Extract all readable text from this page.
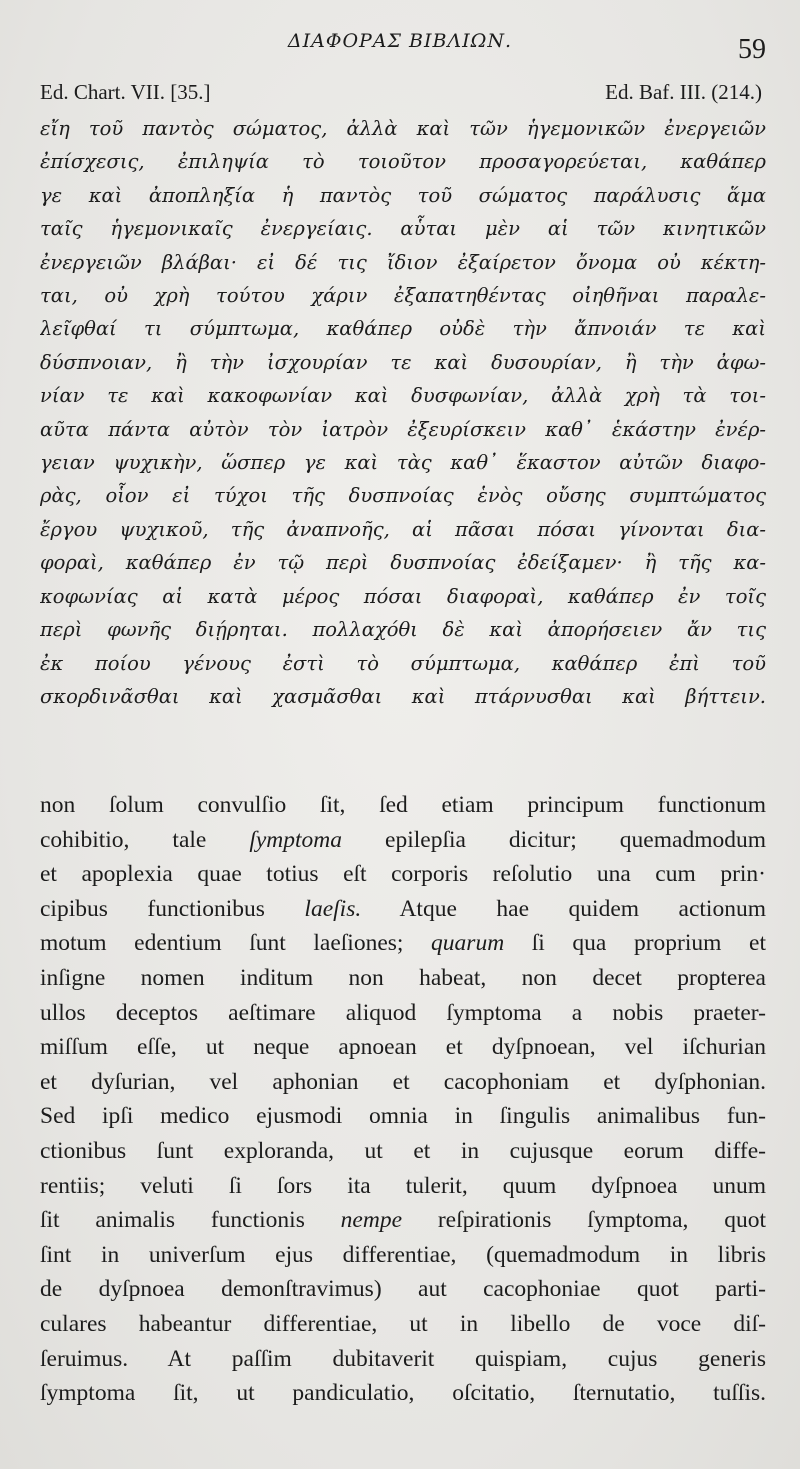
ΔΙΑΦΟΡΑΣ ΒΙΒΛΙΩΝ.	59
Ed. Chart. VII. [35.]	Ed. Baf. III. (214.)
εἴη τοῦ παντὸς σώματος, ἀλλὰ καὶ τῶν ἡγεμονικῶν ἐνεργειῶν
ἐπίσχεσις, ἐπιληψία τὸ τοιοῦτον προσαγορεύεται, καθάπερ
γε καὶ ἀποπληξία ἡ παντὸς τοῦ σώματος παράλυσις ἅμα
ταῖς ἡγεμονικαῖς ἐνεργείαις. αὗται μὲν αἱ τῶν κινητικῶν
ἐνεργειῶν βλάβαι· εἰ δέ τις ἴδιον ἐξαίρετον ὄνομα οὐ κέκτη-
ται, οὐ χρὴ τούτου χάριν ἐξαπατηθέντας οἰηθῆναι παραλε-
λεῖφθαί τι σύμπτωμα, καθάπερ οὐδὲ τὴν ἄπνοιάν τε καὶ
δύσπνοιαν, ἢ τὴν ἰσχουρίαν τε καὶ δυσουρίαν, ἢ τὴν ἀφω-
νίαν τε καὶ κακοφωνίαν καὶ δυσφωνίαν, ἀλλὰ χρὴ τὰ τοι-
αῦτα πάντα αὐτὸν τὸν ἰατρὸν ἐξευρίσκειν καθ᾽ ἑκάστην ἐνέρ-
γειαν ψυχικὴν, ὥσπερ γε καὶ τὰς καθ᾽ ἕκαστον αὐτῶν διαφο-
ρὰς, οἷον εἰ τύχοι τῆς δυσπνοίας ἑνὸς οὔσης συμπτώματος
ἔργου ψυχικοῦ, τῆς ἀναπνοῆς, αἱ πᾶσαι πόσαι γίνονται δια-
φοραὶ, καθάπερ ἐν τῷ περὶ δυσπνοίας ἐδείξαμεν· ἢ τῆς κα-
κοφωνίας αἱ κατὰ μέρος πόσαι διαφοραὶ, καθάπερ ἐν τοῖς
περὶ φωνῆς διῄρηται. πολλαχόθι δὲ καὶ ἀπορήσειεν ἄν τις
ἐκ ποίου γένους ἐστὶ τὸ σύμπτωμα, καθάπερ ἐπὶ τοῦ
σκορδινᾶσθαι καὶ χασμᾶσθαι καὶ πτάρνυσθαι καὶ βήττειν.
non ſolum convulſio ſit, ſed etiam principum functionum
cohibitio, tale ſymptoma epilepſia dicitur; quemadmodum
et apoplexia quae totius eſt corporis reſolutio una cum prin·
cipibus functionibus laeſis. Atque hae quidem actionum
motum edentium ſunt laeſiones; quarum ſi qua proprium et
inſigne nomen inditum non habeat, non decet propterea
ullos deceptos aeſtimare aliquod ſymptoma a nobis praeter-
miſſum eſſe, ut neque apnoean et dyſpnoean, vel iſchurian
et dyſurian, vel aphonian et cacophoniam et dyſphonian.
Sed ipſi medico ejusmodi omnia in ſingulis animalibus fun-
ctionibus ſunt exploranda, ut et in cujusque eorum diffe-
rentiis; veluti ſi ſors ita tulerit, quum dyſpnoea unum
ſit animalis functionis nempe reſpirationis ſymptoma, quot
ſint in univerſum ejus differentiae, (quemadmodum in libris
de dyſpnoea demonſtravimus) aut cacophoniae quot parti-
culares habeantur differentiae, ut in libello de voce diſ-
ſeruimus. At paſſim dubitaverit quispiam, cujus generis
ſymptoma ſit, ut pandiculatio, oſcitatio, ſternutatio, tuſſis.
